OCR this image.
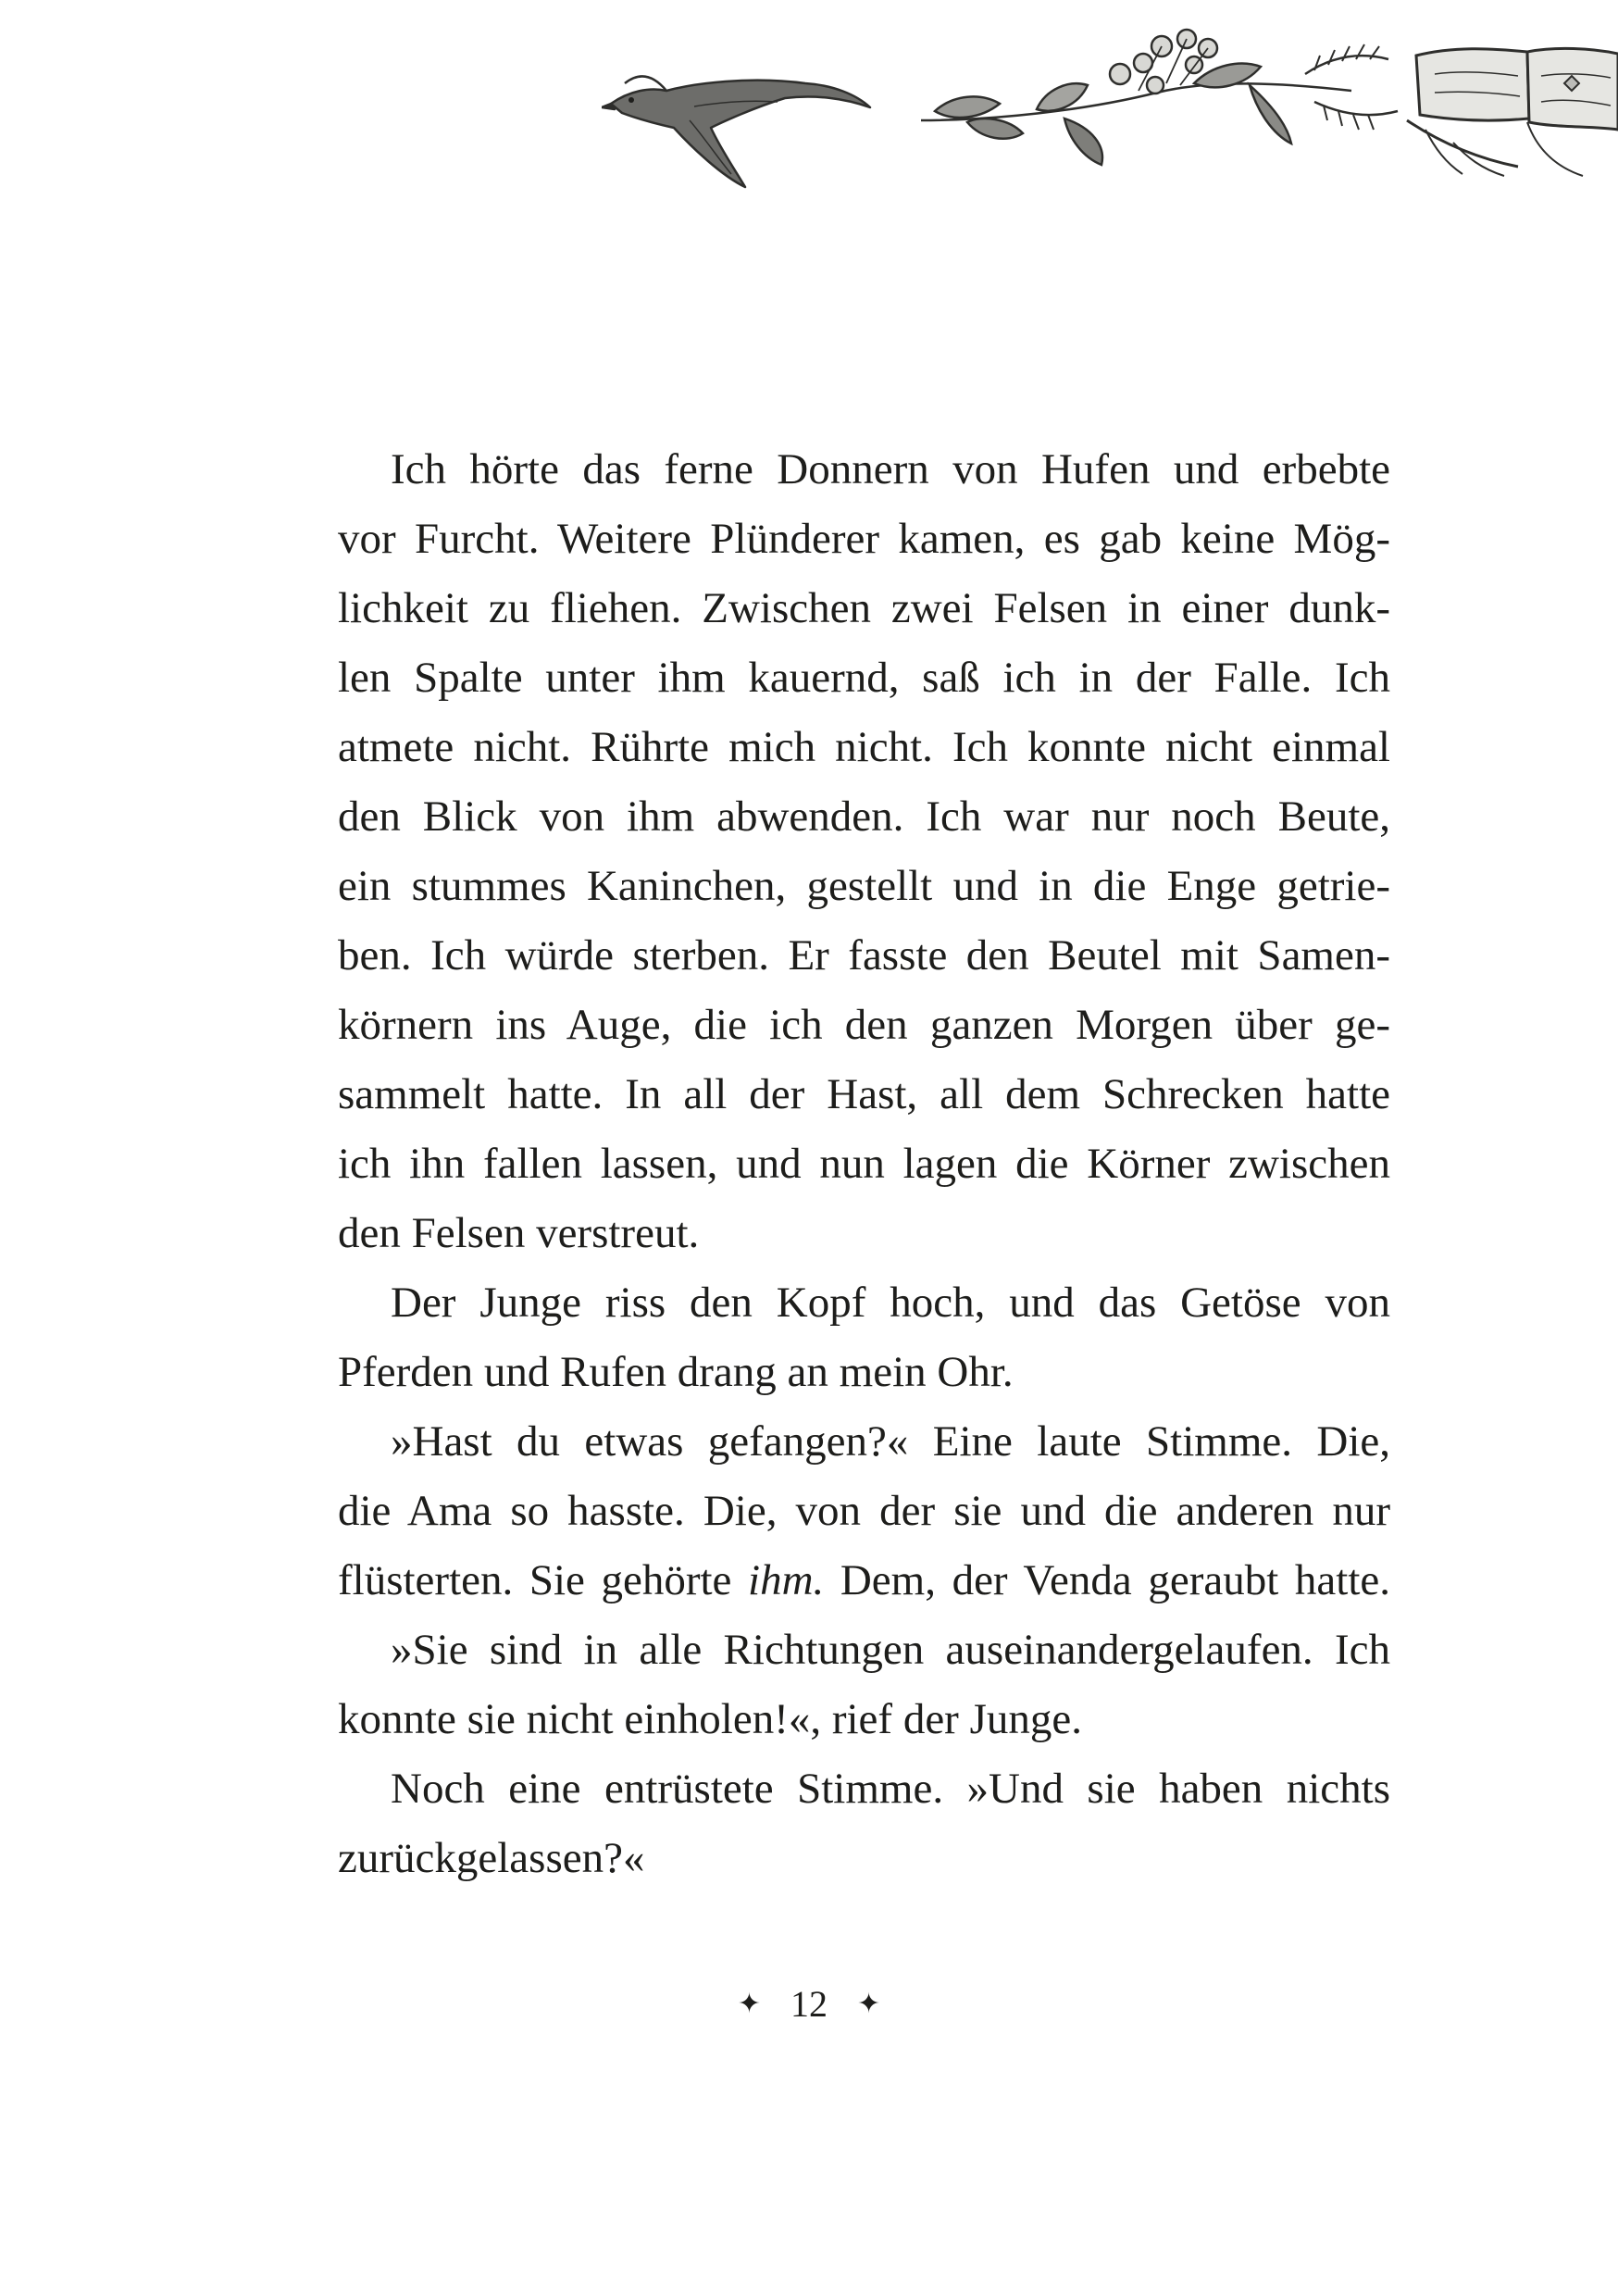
Ich hörte das ferne Donnern von Hufen und erbebte
vor Furcht. Weitere Plünderer kamen, es gab keine Mög-
lichkeit zu fliehen. Zwischen zwei Felsen in einer dunk-
len Spalte unter ihm kauernd, saß ich in der Falle. Ich
atmete nicht. Rührte mich nicht. Ich konnte nicht einmal
den Blick von ihm abwenden. Ich war nur noch Beute,
ein stummes Kaninchen, gestellt und in die Enge getrie-
ben. Ich würde sterben. Er fasste den Beutel mit Samen-
körnern ins Auge, die ich den ganzen Morgen über ge-
sammelt hatte. In all der Hast, all dem Schrecken hatte
ich ihn fallen lassen, und nun lagen die Körner zwischen
den Felsen verstreut.
Der Junge riss den Kopf hoch, und das Getöse von
Pferden und Rufen drang an mein Ohr.
»Hast du etwas gefangen?« Eine laute Stimme. Die,
die Ama so hasste. Die, von der sie und die anderen nur
flüsterten. Sie gehörte ihm. Dem, der Venda geraubt hatte.
»Sie sind in alle Richtungen auseinandergelaufen. Ich
konnte sie nicht einholen!«, rief der Junge.
Noch eine entrüstete Stimme. »Und sie haben nichts
zurückgelassen?«
✦ 12 ✦
